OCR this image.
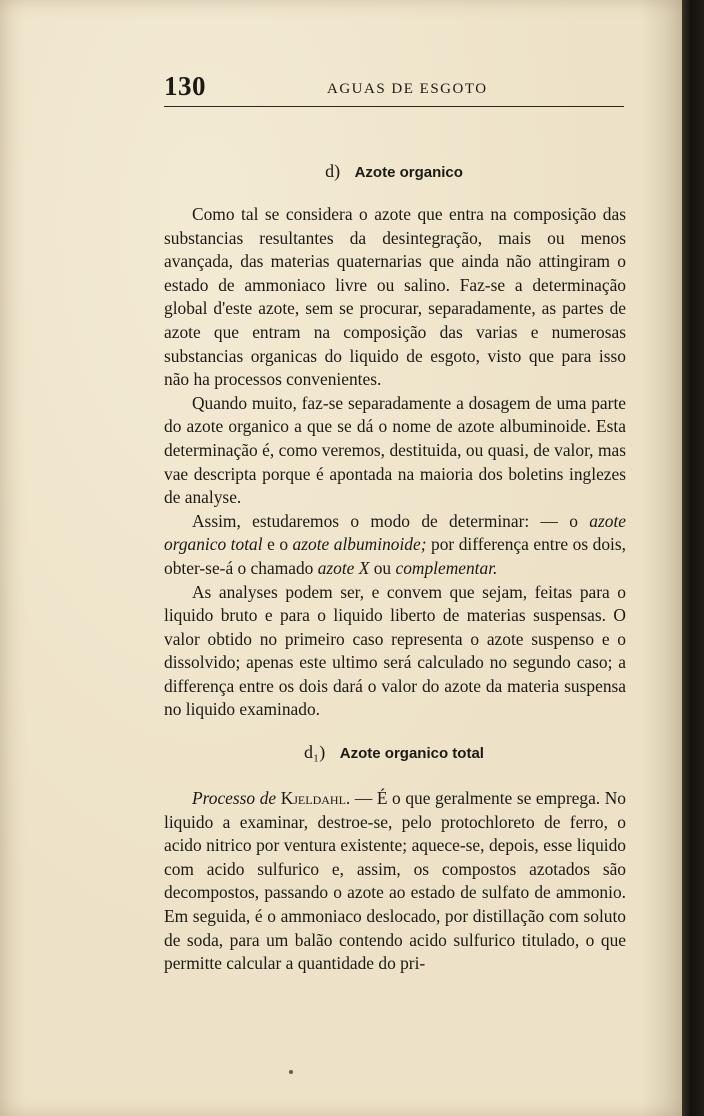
130	AGUAS DE ESGOTO
d) Azote organico

Como tal se considera o azote que entra na composição das substancias resultantes da desintegração, mais ou menos avançada, das materias quaternarias que ainda não attingiram o estado de ammoniaco livre ou salino. Faz-se a determinação global d'este azote, sem se procurar, separadamente, as partes de azote que entram na composição das varias e numerosas substancias organicas do liquido de esgoto, visto que para isso não ha processos convenientes.

Quando muito, faz-se separadamente a dosagem de uma parte do azote organico a que se dá o nome de azote albuminoide. Esta determinação é, como veremos, destituida, ou quasi, de valor, mas vae descripta porque é apontada na maioria dos boletins inglezes de analyse.

Assim, estudaremos o modo de determinar: — o azote organico total e o azote albuminoide; por differença entre os dois, obter-se-á o chamado azote X ou complementar.

As analyses podem ser, e convem que sejam, feitas para o liquido bruto e para o liquido liberto de materias suspensas. O valor obtido no primeiro caso representa o azote suspenso e o dissolvido; apenas este ultimo será calculado no segundo caso; a differença entre os dois dará o valor do azote da materia suspensa no liquido examinado.

d₁) Azote organico total

Processo de Kjeldahl. — É o que geralmente se emprega. No liquido a examinar, destroe-se, pelo protochloreto de ferro, o acido nitrico por ventura existente; aquece-se, depois, esse liquido com acido sulfurico e, assim, os compostos azotados são decompostos, passando o azote ao estado de sulfato de ammonio. Em seguida, é o ammoniaco deslocado, por distillação com soluto de soda, para um balão contendo acido sulfurico titulado, o que permitte calcular a quantidade do pri-
